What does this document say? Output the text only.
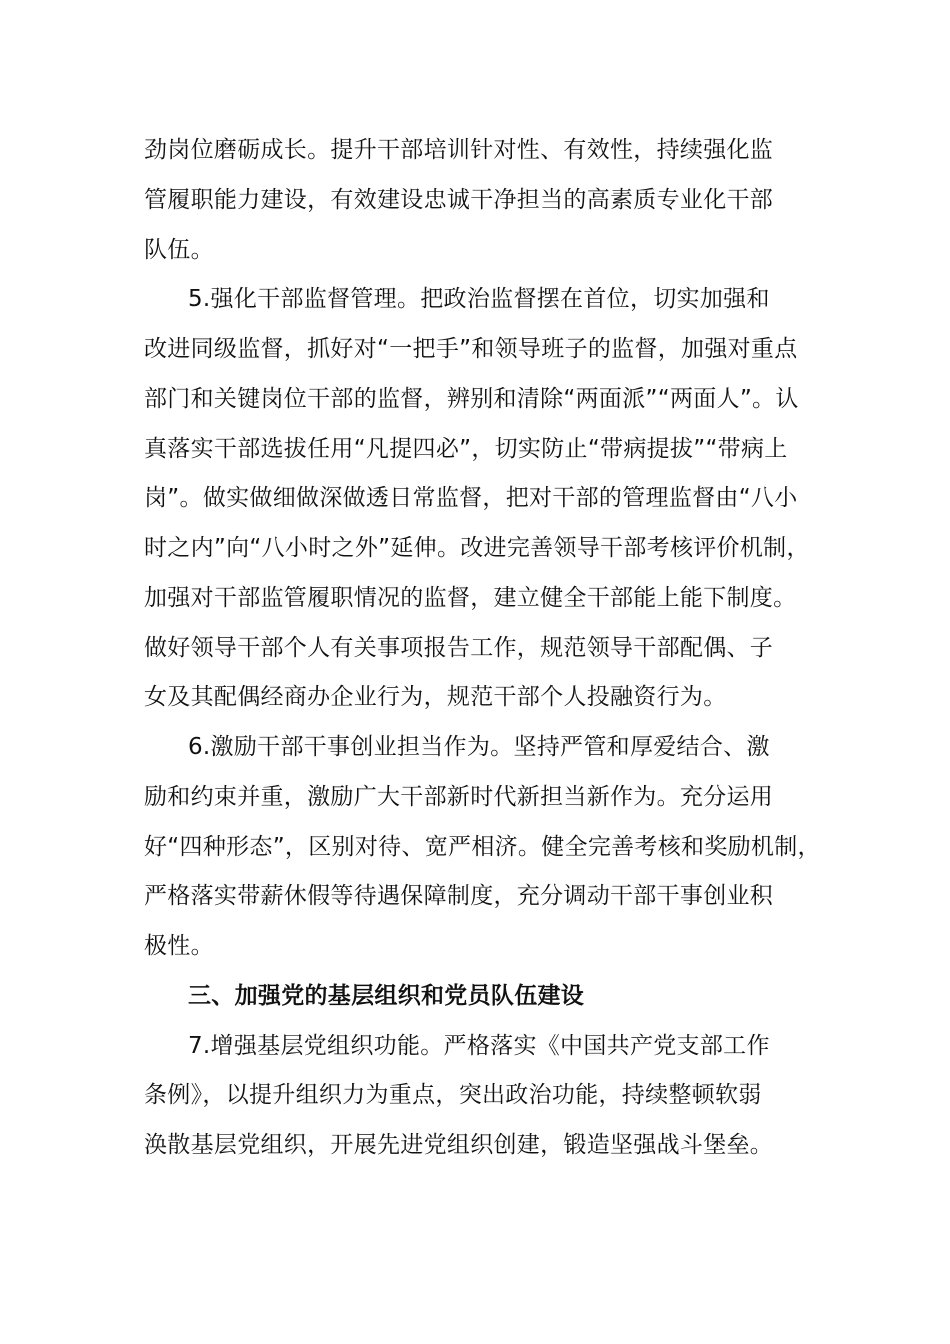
劲岗位磨砺成长。提升干部培训针对性、有效性，持续强化监
管履职能力建设，有效建设忠诚干净担当的高素质专业化干部
队伍。
5.强化干部监督管理。把政治监督摆在首位，切实加强和
改进同级监督，抓好对“一把手”和领导班子的监督，加强对重点
部门和关键岗位干部的监督，辨别和清除“两面派”“两面人”。认
真落实干部选拔任用“凡提四必”，切实防止“带病提拔”“带病上
岗”。做实做细做深做透日常监督，把对干部的管理监督由“八小
时之内”向“八小时之外”延伸。改进完善领导干部考核评价机制，
加强对干部监管履职情况的监督，建立健全干部能上能下制度。
做好领导干部个人有关事项报告工作，规范领导干部配偶、子
女及其配偶经商办企业行为，规范干部个人投融资行为。
6.激励干部干事创业担当作为。坚持严管和厚爱结合、激
励和约束并重，激励广大干部新时代新担当新作为。充分运用
好“四种形态”，区别对待、宽严相济。健全完善考核和奖励机制，
严格落实带薪休假等待遇保障制度，充分调动干部干事创业积
极性。
三、加强党的基层组织和党员队伍建设
7.增强基层党组织功能。严格落实《中国共产党支部工作
条例》，以提升组织力为重点，突出政治功能，持续整顿软弱
涣散基层党组织，开展先进党组织创建，锻造坚强战斗堡垒。
